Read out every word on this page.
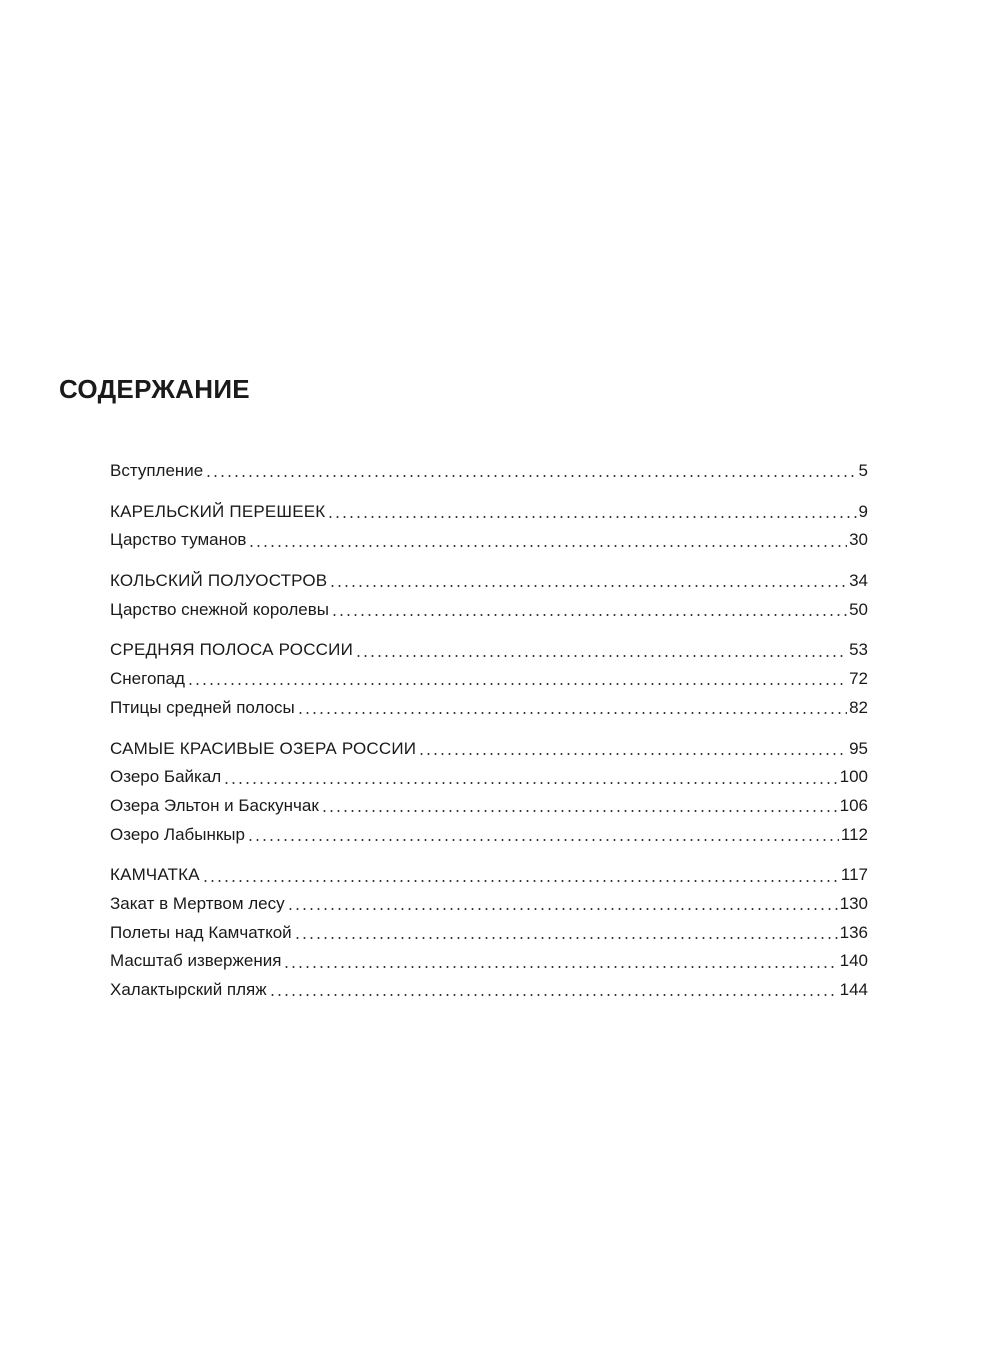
СОДЕРЖАНИЕ
Вступление	5
КАРЕЛЬСКИЙ ПЕРЕШЕЕК	9
Царство туманов	30
КОЛЬСКИЙ ПОЛУОСТРОВ	34
Царство снежной королевы	50
СРЕДНЯЯ ПОЛОСА РОССИИ	53
Снегопад	72
Птицы средней полосы	82
САМЫЕ КРАСИВЫЕ ОЗЕРА РОССИИ	95
Озеро Байкал	100
Озера Эльтон и Баскунчак	106
Озеро Лабынкыр	112
КАМЧАТКА	117
Закат в Мертвом лесу	130
Полеты над Камчаткой	136
Масштаб извержения	140
Халактырский пляж	144
